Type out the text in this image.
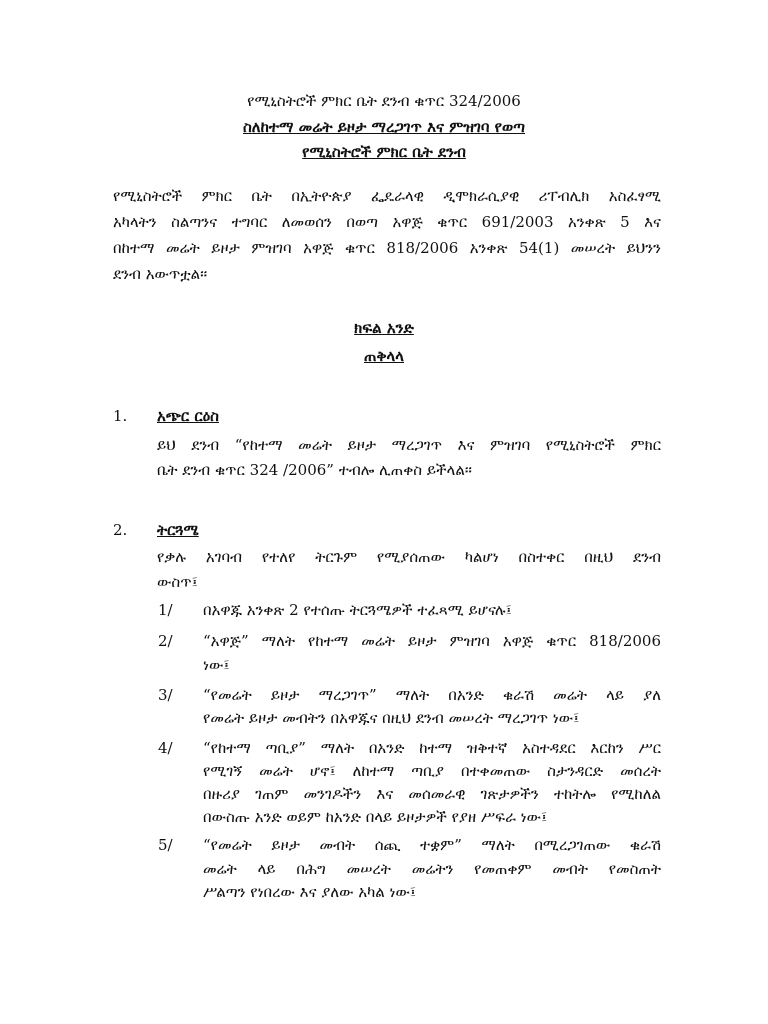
የሚኒስትሮች ምክር ቤት ደንብ ቁጥር 324/2006
ስለከተማ መሬት ይዞታ ማረጋገጥ እና ምዝገባ የወጣ
የሚኒስትሮች ምክር ቤት ደንብ
የሚኒስትሮች ምክር ቤት በኢትዮጵያ ፌዴራላዊ ዲሞክራሲያዊ ሪፐብሊክ አስፈፃሚ
አካላትን ስልጣንና ተግባር ለመወሰን በወጣ አዋጅ ቁጥር 691/2003 አንቀጽ 5 እና
በከተማ መሬት ይዞታ ምዝገባ አዋጅ ቁጥር 818/2006 አንቀጽ 54(1) መሠረት ይህንን
ደንብ አውጥቷል፡፡
ክፍል አንድ
ጠቅላላ
1. አጭር ርዕስ
ይህ ደንብ “የከተማ መሬት ይዞታ ማረጋገጥ እና ምዝገባ የሚኒስትሮች ምክር
ቤት ደንብ ቁጥር 324 /2006” ተብሎ ሊጠቀስ ይችላል፡፡
2. ትርጓሜ
የቃሉ አገባብ የተለየ ትርጉም የሚያሰጠው ካልሆነ በስተቀር በዚህ ደንብ
ውስጥ፤
1/ በአዋጁ አንቀጽ 2 የተሰጡ ትርጓሜዎች ተፈጻሚ ይሆናሉ፤
2/ “አዋጅ” ማለት የከተማ መሬት ይዞታ ምዝገባ አዋጅ ቁጥር 818/2006
ነው፤
3/ “የመሬት ይዞታ ማረጋገጥ” ማለት በአንድ ቁራሽ መሬት ላይ ያለ
የመሬት ይዞታ መብትን በአዋጁና በዚህ ደንብ መሠረት ማረጋገጥ ነው፤
4/ “የከተማ ጣቢያ” ማለት በአንድ ከተማ ዝቅተኛ አስተዳደር እርከን ሥር
የሚገኝ መሬት ሆኖ፤ ለከተማ ጣቢያ በተቀመጠው ስታንዳርድ መሰረት
በዙሪያ ገጠም መንገዶችን እና መሰመራዊ ገጽታዎችን ተከትሎ የሚከለል
በውስጡ አንድ ወይም ከአንድ በላይ ይዞታዎች የያዘ ሥፍራ ነው፤
5/ “የመሬት ይዞታ መብት ሰጪ ተቋም” ማለት በሚረጋገጠው ቁራሽ
መሬት ላይ በሕግ መሠረት መሬትን የመጠቀም መብት የመስጠት
ሥልጣን የነበረው እና ያለው አካል ነው፤
